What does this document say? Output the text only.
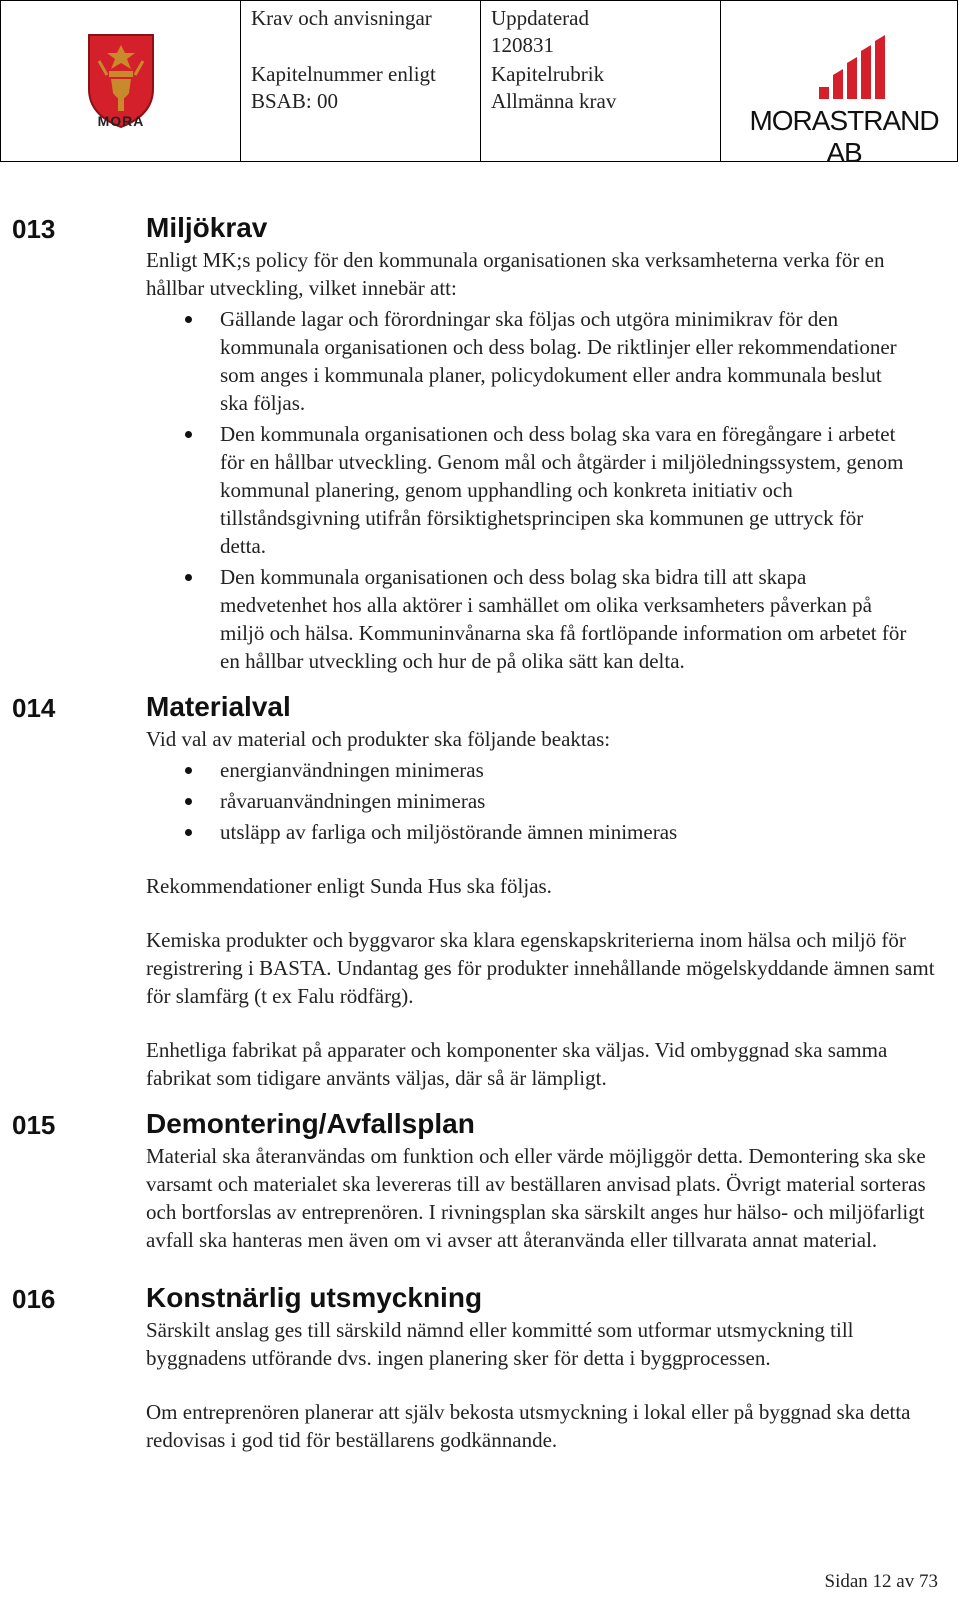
MORA
Krav och anvisningar
Kapitelnummer enligt
BSAB: 00
Uppdaterad
120831
Kapitelrubrik
Allmänna krav
MORASTRAND AB
013	Miljökrav

Enligt MK;s policy för den kommunala organisationen ska verksamheterna verka för en hållbar utveckling, vilket innebär att:

Gällande lagar och förordningar ska följas och utgöra minimikrav för den kommunala organisationen och dess bolag. De riktlinjer eller rekommendationer som anges i kommunala planer, policydokument eller andra kommunala beslut ska följas.
Den kommunala organisationen och dess bolag ska vara en föregångare i arbetet för en hållbar utveckling. Genom mål och åtgärder i miljöledningssystem, genom kommunal planering, genom upphandling och konkreta initiativ och tillståndsgivning utifrån försiktighetsprincipen ska kommunen ge uttryck för detta.
Den kommunala organisationen och dess bolag ska bidra till att skapa medvetenhet hos alla aktörer i samhället om olika verksamheters påverkan på miljö och hälsa. Kommuninvånarna ska få fortlöpande information om arbetet för en hållbar utveckling och hur de på olika sätt kan delta.
014	Materialval

Vid val av material och produkter ska följande beaktas:

energianvändningen minimeras
råvaruanvändningen minimeras
utsläpp av farliga och miljöstörande ämnen minimeras

Rekommendationer enligt Sunda Hus ska följas.

Kemiska produkter och byggvaror ska klara egenskapskriterierna inom hälsa och miljö för registrering i BASTA. Undantag ges för produkter innehållande mögelskyddande ämnen samt för slamfärg (t ex Falu rödfärg).

Enhetliga fabrikat på apparater och komponenter ska väljas. Vid ombyggnad ska samma fabrikat som tidigare använts väljas, där så är lämpligt.

015	Demontering/Avfallsplan

Material ska återanvändas om funktion och eller värde möjliggör detta. Demontering ska ske varsamt och materialet ska levereras till av beställaren anvisad plats. Övrigt material sorteras och bortforslas av entreprenören. I rivningsplan ska särskilt anges hur hälso- och miljöfarligt avfall ska hanteras men även om vi avser att återanvända eller tillvarata annat material.

016	Konstnärlig utsmyckning

Särskilt anslag ges till särskild nämnd eller kommitté som utformar utsmyckning till byggnadens utförande dvs. ingen planering sker för detta i byggprocessen.

Om entreprenören planerar att själv bekosta utsmyckning i lokal eller på byggnad ska detta redovisas i god tid för beställarens godkännande.

Sidan 12 av 73
